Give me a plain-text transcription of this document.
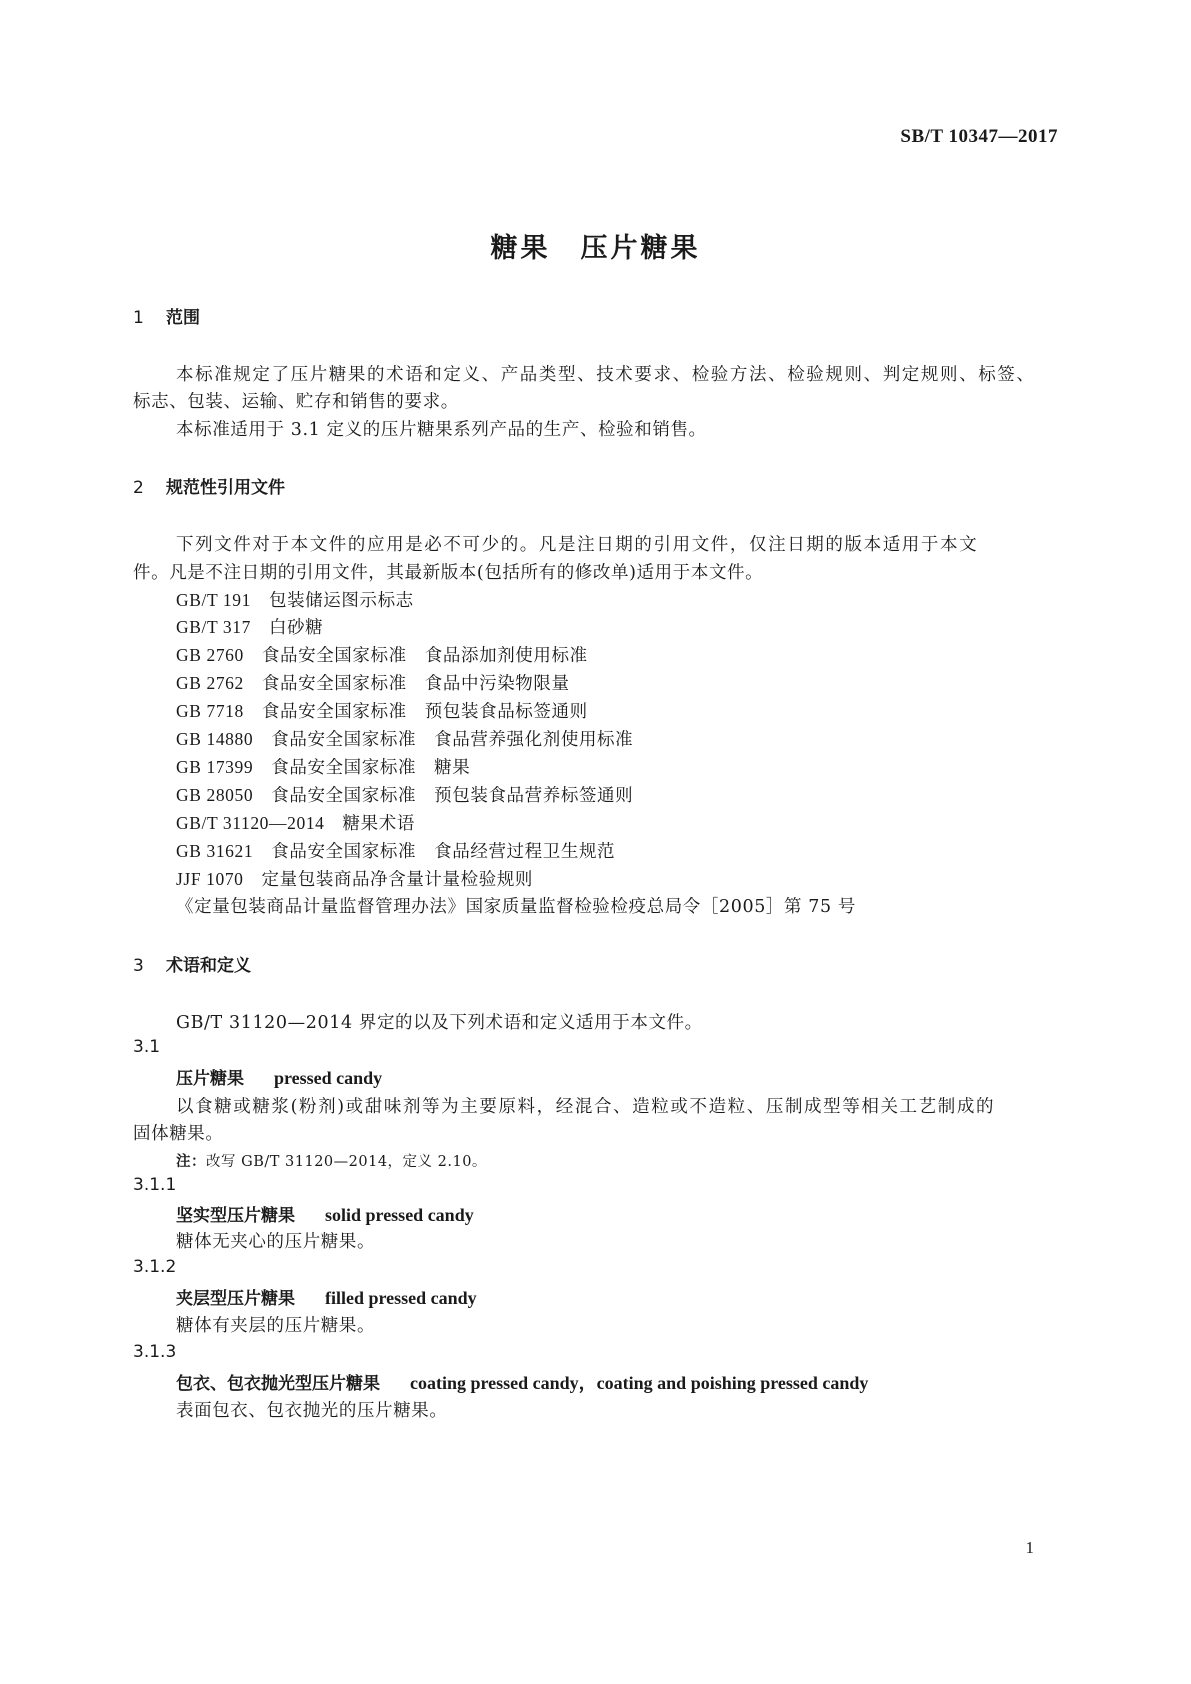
SB/T 10347—2017
糖果　压片糖果
1 范围
本标准规定了压片糖果的术语和定义、产品类型、技术要求、检验方法、检验规则、判定规则、标签、
标志、包装、运输、贮存和销售的要求。
本标准适用于 3.1 定义的压片糖果系列产品的生产、检验和销售。
2 规范性引用文件
下列文件对于本文件的应用是必不可少的。凡是注日期的引用文件，仅注日期的版本适用于本文
件。凡是不注日期的引用文件，其最新版本(包括所有的修改单)适用于本文件。
GB/T 191 包装储运图示标志
GB/T 317 白砂糖
GB 2760 食品安全国家标准　食品添加剂使用标准
GB 2762 食品安全国家标准　食品中污染物限量
GB 7718 食品安全国家标准　预包装食品标签通则
GB 14880 食品安全国家标准　食品营养强化剂使用标准
GB 17399 食品安全国家标准　糖果
GB 28050 食品安全国家标准　预包装食品营养标签通则
GB/T 31120—2014 糖果术语
GB 31621 食品安全国家标准　食品经营过程卫生规范
JJF 1070 定量包装商品净含量计量检验规则
《定量包装商品计量监督管理办法》国家质量监督检验检疫总局令［2005］第 75 号
3 术语和定义
GB/T 31120—2014 界定的以及下列术语和定义适用于本文件。
3.1
压片糖果 pressed candy
以食糖或糖浆(粉剂)或甜味剂等为主要原料，经混合、造粒或不造粒、压制成型等相关工艺制成的
固体糖果。
注：改写 GB/T 31120—2014，定义 2.10。
3.1.1
坚实型压片糖果 solid pressed candy
糖体无夹心的压片糖果。
3.1.2
夹层型压片糖果 filled pressed candy
糖体有夹层的压片糖果。
3.1.3
包衣、包衣抛光型压片糖果 coating pressed candy，coating and poishing pressed candy
表面包衣、包衣抛光的压片糖果。
1
